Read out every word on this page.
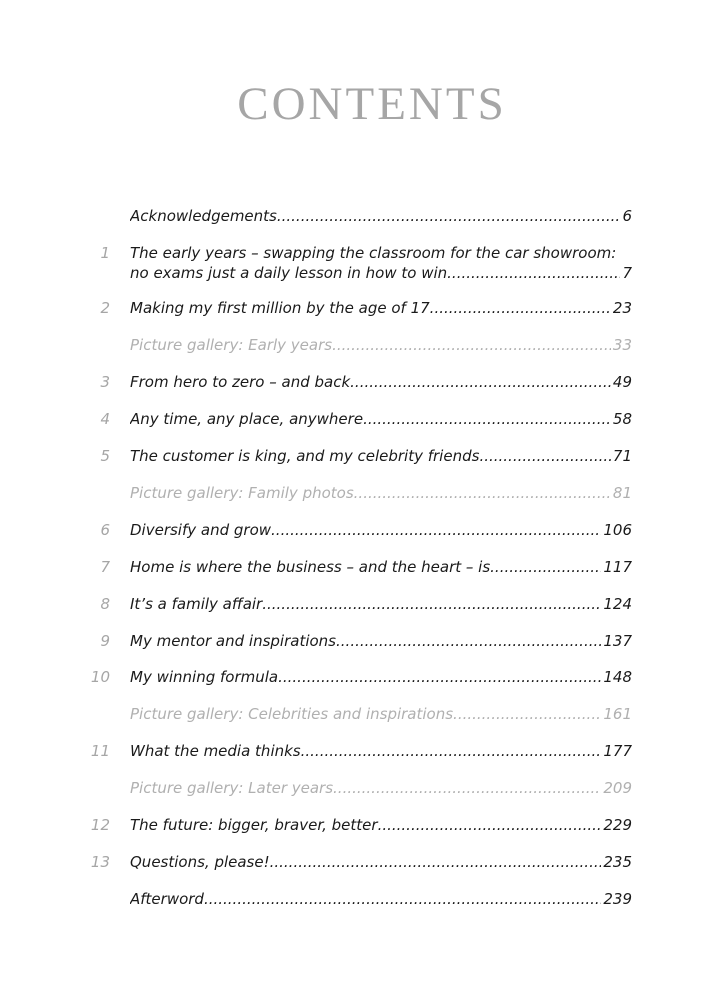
CONTENTS
Acknowledgements .....	6
1 The early years – swapping the classroom for the car showroom:
no exams just a daily lesson in how to win .....	7
2 Making my first million by the age of 17 .....	23
Picture gallery: Early years .....	33
3 From hero to zero – and back .....	49
4 Any time, any place, anywhere .....	58
5 The customer is king, and my celebrity friends .....	71
Picture gallery: Family photos .....	81
6 Diversify and grow .....	106
7 Home is where the business – and the heart – is .....	117
8 It’s a family affair .....	124
9 My mentor and inspirations .....	137
10 My winning formula .....	148
Picture gallery: Celebrities and inspirations .....	161
11 What the media thinks .....	177
Picture gallery: Later years .....	209
12 The future: bigger, braver, better .....	229
13 Questions, please! .....	235
Afterword .....	239
